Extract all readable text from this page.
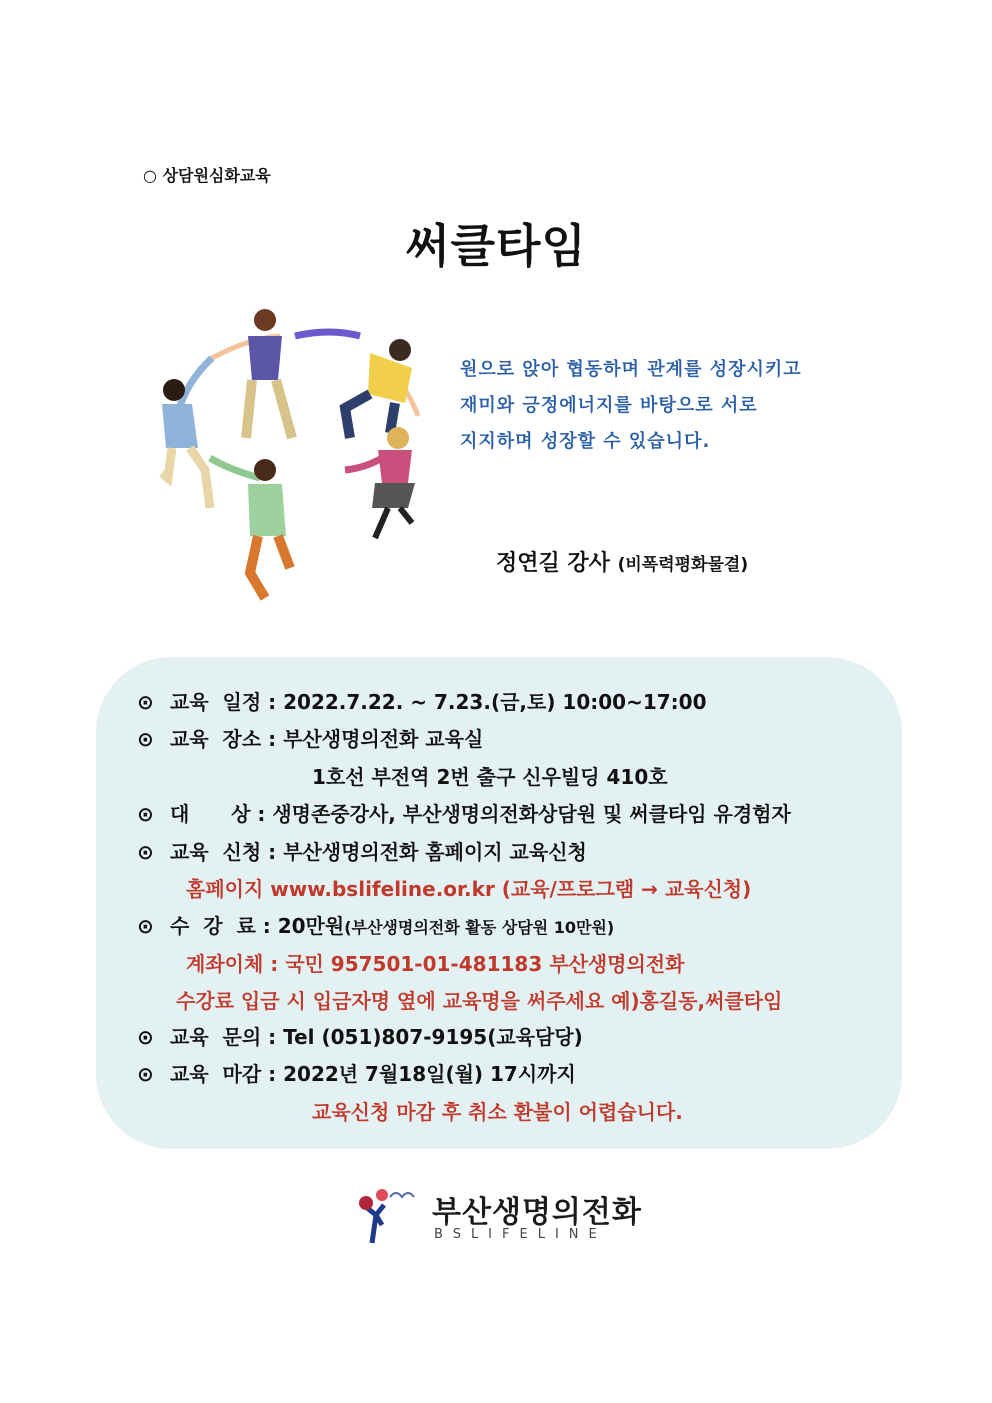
○ 상담원심화교육
써클타임
원으로 앉아 협동하며 관계를 성장시키고
재미와 긍정에너지를 바탕으로 서로
지지하며 성장할 수 있습니다.
정연길 강사 (비폭력평화물결)
⊙ 교육  일정 : 2022.7.22. ~ 7.23.(금,토) 10:00~17:00
⊙ 교육  장소 : 부산생명의전화 교육실
1호선 부전역 2번 출구 신우빌딩 410호
⊙ 대      상 : 생명존중강사, 부산생명의전화상담원 및 써클타임 유경험자
⊙ 교육  신청 : 부산생명의전화 홈페이지 교육신청
홈페이지 www.bslifeline.or.kr (교육/프로그램 → 교육신청)
⊙ 수  강  료 : 20만원(부산생명의전화 활동 상담원 10만원)
계좌이체 : 국민 957501-01-481183 부산생명의전화
수강료 입금 시 입금자명 옆에 교육명을 써주세요 예)홍길동,써클타임
⊙ 교육  문의 : Tel (051)807-9195(교육담당)
⊙ 교육  마감 : 2022년 7월18일(월) 17시까지
교육신청 마감 후 취소 환불이 어렵습니다.
부산생명의전화
BSLIFELINE
